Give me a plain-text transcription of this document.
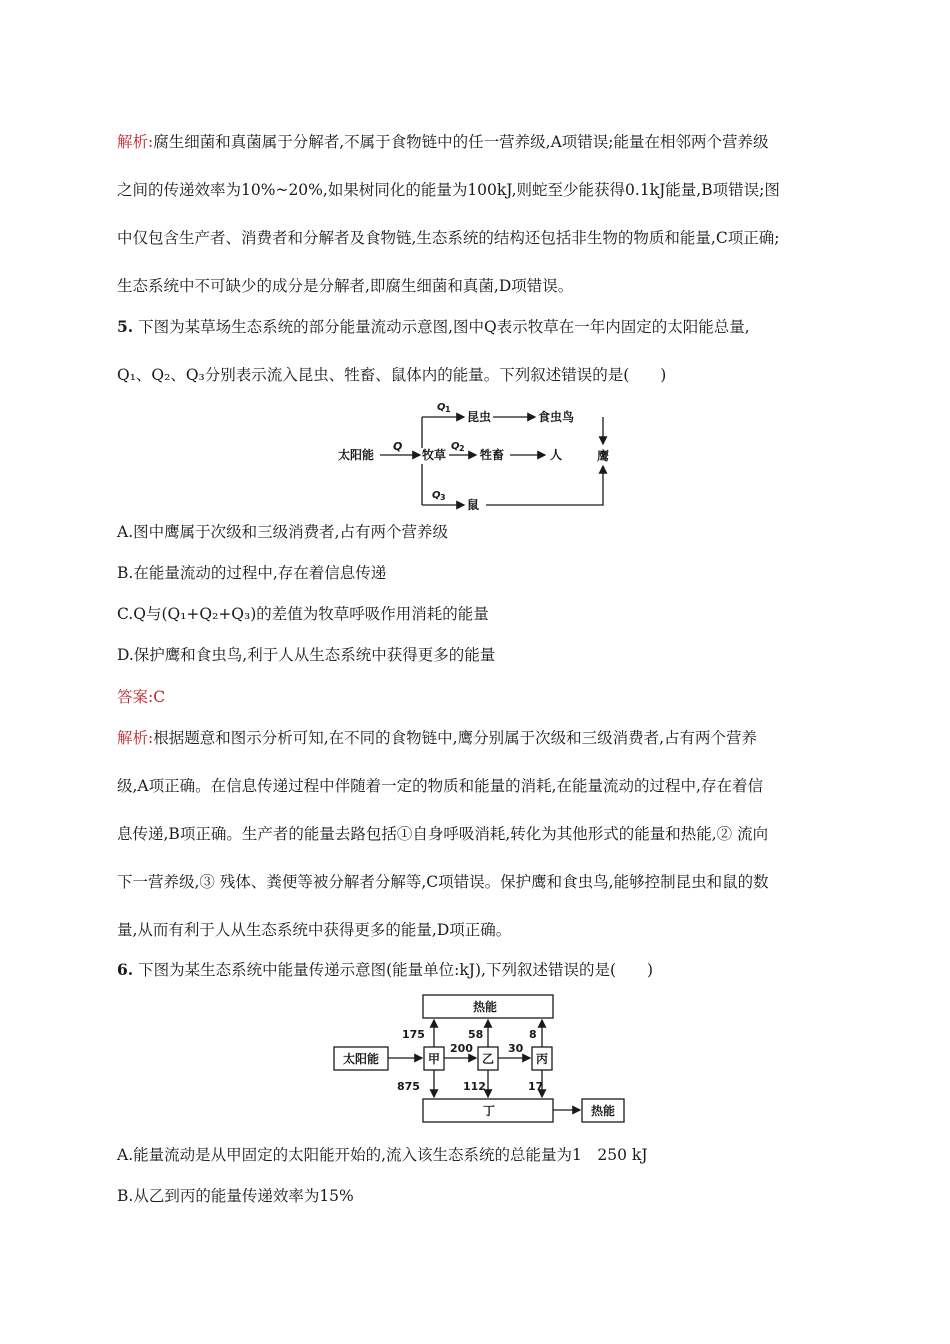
解析:腐生细菌和真菌属于分解者,不属于食物链中的任一营养级,A项错误;能量在相邻两个营养级
之间的传递效率为10%~20%,如果树同化的能量为100kJ,则蛇至少能获得0.1kJ能量,B项错误;图
中仅包含生产者、消费者和分解者及食物链,生态系统的结构还包括非生物的物质和能量,C项正确;
生态系统中不可缺少的成分是分解者,即腐生细菌和真菌,D项错误。
5. 下图为某草场生态系统的部分能量流动示意图,图中Q表示牧草在一年内固定的太阳能总量,
Q₁、Q₂、Q₃分别表示流入昆虫、牲畜、鼠体内的能量。下列叙述错误的是(　　)
太阳能
Q
牧草
Q 1
昆虫	食虫鸟
Q 2 牲畜	人	鹰
Q 3
鼠
A.图中鹰属于次级和三级消费者,占有两个营养级
B.在能量流动的过程中,存在着信息传递
C.Q与(Q₁+Q₂+Q₃)的差值为牧草呼吸作用消耗的能量
D.保护鹰和食虫鸟,利于人从生态系统中获得更多的能量
答案:C
解析:根据题意和图示分析可知,在不同的食物链中,鹰分别属于次级和三级消费者,占有两个营养
级,A项正确。在信息传递过程中伴随着一定的物质和能量的消耗,在能量流动的过程中,存在着信
息传递,B项正确。生产者的能量去路包括①自身呼吸消耗,转化为其他形式的能量和热能,② 流向
下一营养级,③ 残体、粪便等被分解者分解等,C项错误。保护鹰和食虫鸟,能够控制昆虫和鼠的数
量,从而有利于人从生态系统中获得更多的能量,D项正确。
6. 下图为某生态系统中能量传递示意图(能量单位:kJ),下列叙述错误的是(　　)
热能
太阳能	甲	乙	丙
200	30
175	58	8
875	112	17
丁	热能
A.能量流动是从甲固定的太阳能开始的,流入该生态系统的总能量为1　250 kJ
B.从乙到丙的能量传递效率为15%
